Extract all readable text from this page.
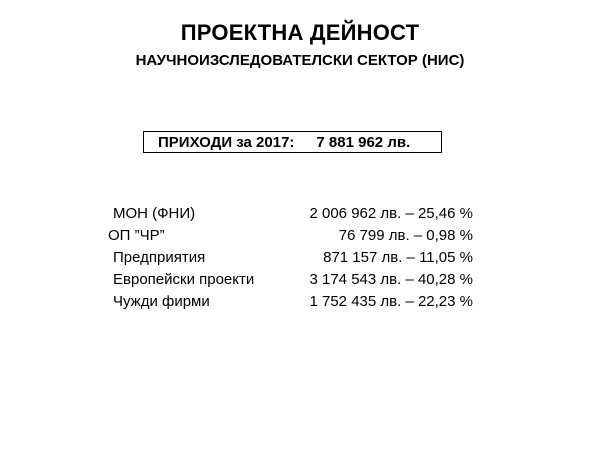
ПРОЕКТНА ДЕЙНОСТ
НАУЧНОИЗСЛЕДОВАТЕЛСКИ СЕКТОР (НИС)
ПРИХОДИ за 2017: 7 881 962 лв.
МОН (ФНИ)	2 006 962 лв. – 25,46 %
ОП ”ЧР”	76 799 лв. – 0,98 %
Предприятия	871 157 лв. – 11,05 %
Европейски проекти	3 174 543 лв. – 40,28 %
Чужди фирми	1 752 435 лв. – 22,23 %
